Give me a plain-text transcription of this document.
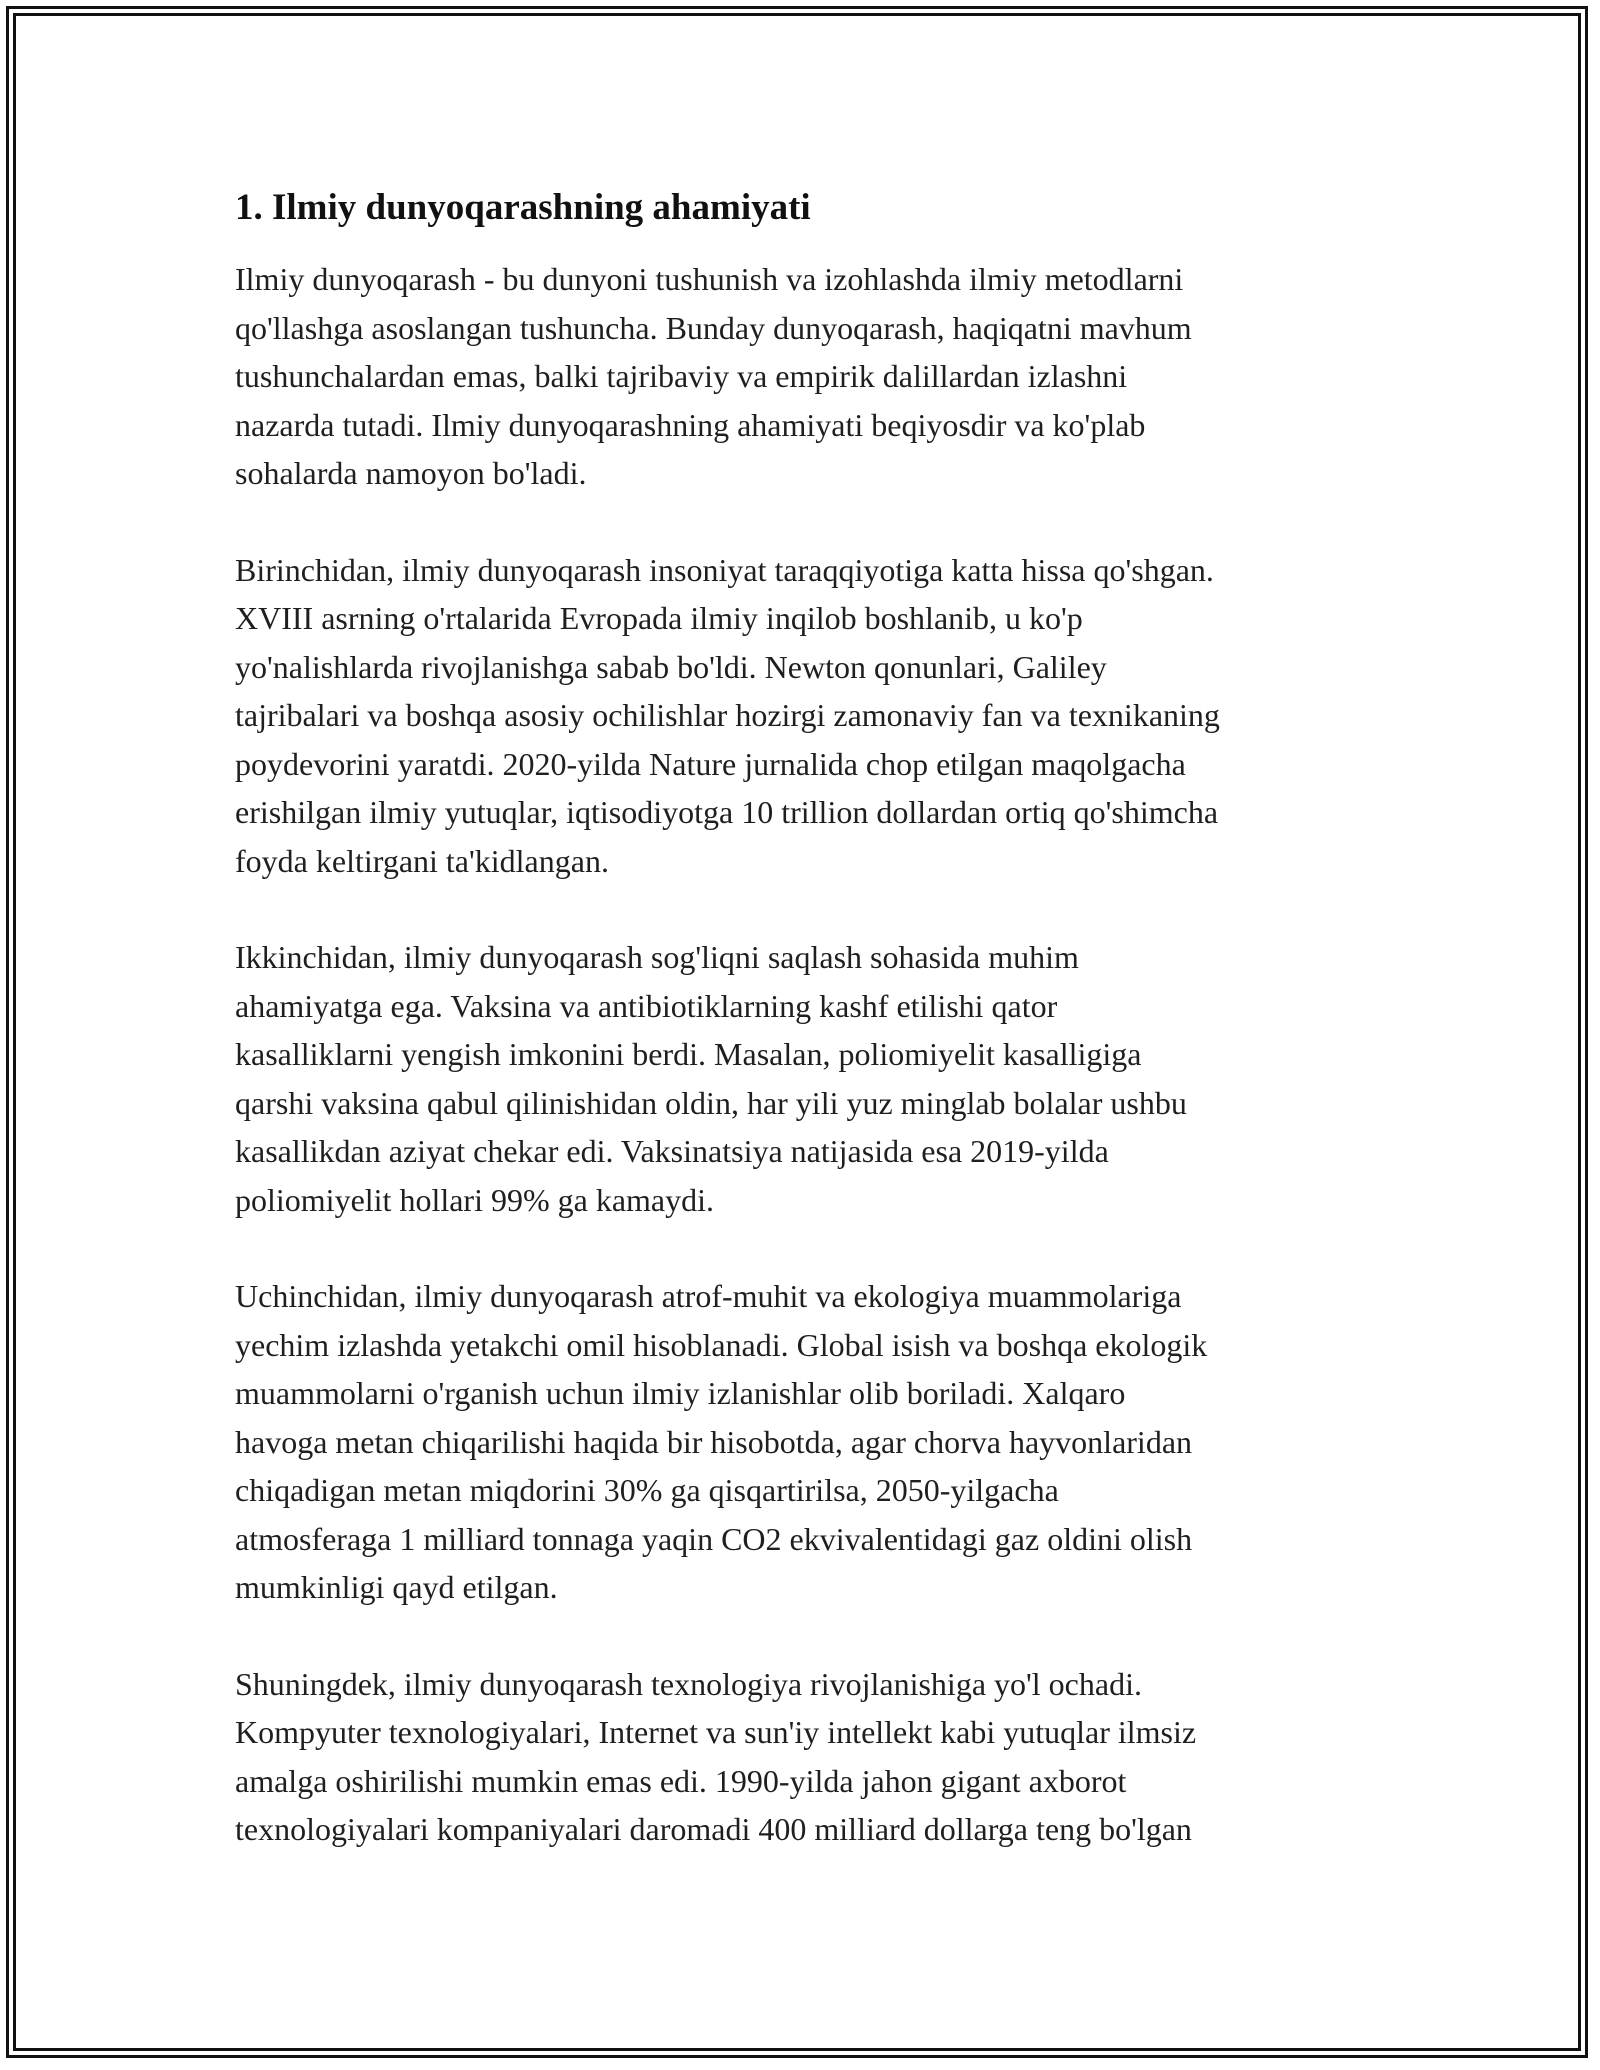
1. Ilmiy dunyoqarashning ahamiyati

Ilmiy dunyoqarash - bu dunyoni tushunish va izohlashda ilmiy metodlarni
qo'llashga asoslangan tushuncha. Bunday dunyoqarash, haqiqatni mavhum
tushunchalardan emas, balki tajribaviy va empirik dalillardan izlashni
nazarda tutadi. Ilmiy dunyoqarashning ahamiyati beqiyosdir va ko'plab
sohalarda namoyon bo'ladi.

Birinchidan, ilmiy dunyoqarash insoniyat taraqqiyotiga katta hissa qo'shgan.
XVIII asrning o'rtalarida Evropada ilmiy inqilob boshlanib, u ko'p
yo'nalishlarda rivojlanishga sabab bo'ldi. Newton qonunlari, Galiley
tajribalari va boshqa asosiy ochilishlar hozirgi zamonaviy fan va texnikaning
poydevorini yaratdi. 2020-yilda Nature jurnalida chop etilgan maqolgacha
erishilgan ilmiy yutuqlar, iqtisodiyotga 10 trillion dollardan ortiq qo'shimcha
foyda keltirgani ta'kidlangan.

Ikkinchidan, ilmiy dunyoqarash sog'liqni saqlash sohasida muhim
ahamiyatga ega. Vaksina va antibiotiklarning kashf etilishi qator
kasalliklarni yengish imkonini berdi. Masalan, poliomiyelit kasalligiga
qarshi vaksina qabul qilinishidan oldin, har yili yuz minglab bolalar ushbu
kasallikdan aziyat chekar edi. Vaksinatsiya natijasida esa 2019-yilda
poliomiyelit hollari 99% ga kamaydi.

Uchinchidan, ilmiy dunyoqarash atrof-muhit va ekologiya muammolariga
yechim izlashda yetakchi omil hisoblanadi. Global isish va boshqa ekologik
muammolarni o'rganish uchun ilmiy izlanishlar olib boriladi. Xalqaro
havoga metan chiqarilishi haqida bir hisobotda, agar chorva hayvonlaridan
chiqadigan metan miqdorini 30% ga qisqartirilsa, 2050-yilgacha
atmosferaga 1 milliard tonnaga yaqin CO2 ekvivalentidagi gaz oldini olish
mumkinligi qayd etilgan.

Shuningdek, ilmiy dunyoqarash texnologiya rivojlanishiga yo'l ochadi.
Kompyuter texnologiyalari, Internet va sun'iy intellekt kabi yutuqlar ilmsiz
amalga oshirilishi mumkin emas edi. 1990-yilda jahon gigant axborot
texnologiyalari kompaniyalari daromadi 400 milliard dollarga teng bo'lgan
